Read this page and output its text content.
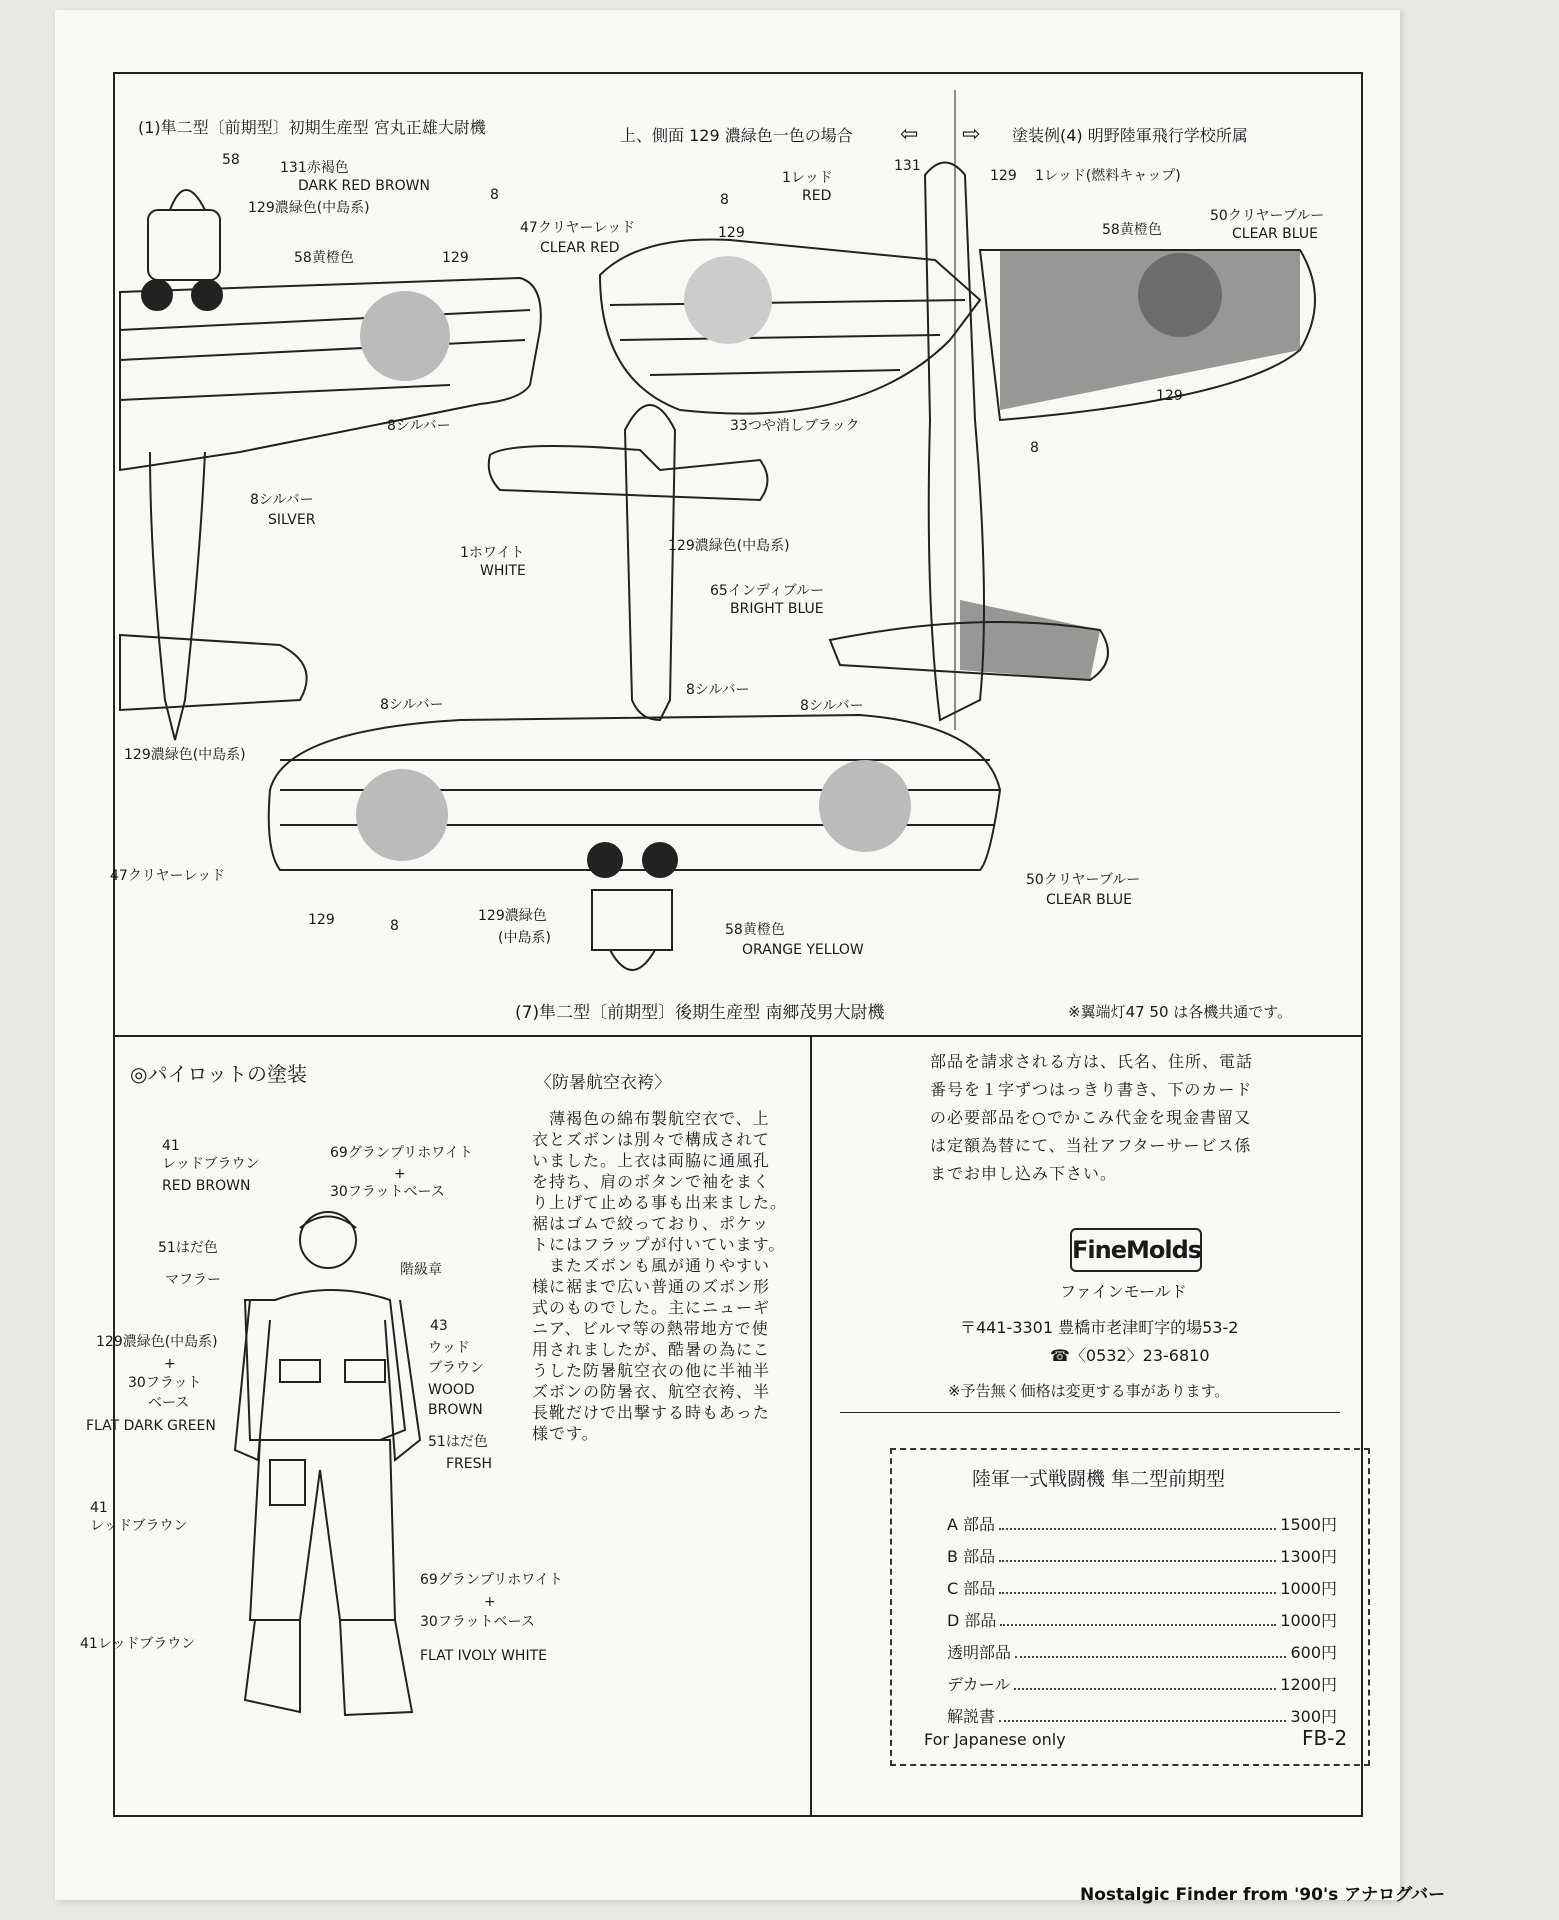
(1)隼二型〔前期型〕初期生産型 宮丸正雄大尉機	上、側面 129 濃緑色一色の場合 ⇦ ⇨ 塗装例(4) 明野陸軍飛行学校所属
58	131赤褐色
DARK RED BROWN
129濃緑色(中島系)
58黄橙色
8
129
47クリヤーレッド
CLEAR RED
8
129
1レッド
RED
131
129 1レッド(燃料キャップ)
58黄橙色
50クリヤーブルー
CLEAR BLUE
8シルバー
8シルバー
SILVER
33つや消しブラック
129
8
1ホワイト
WHITE
129濃緑色(中島系)
65インディブルー
BRIGHT BLUE
8シルバー
8シルバー
8シルバー
129濃緑色(中島系)
47クリヤーレッド
129	8
129濃緑色
(中島系)	58黄橙色
ORANGE YELLOW
50クリヤーブルー
CLEAR BLUE
(7)隼二型〔前期型〕後期生産型 南郷茂男大尉機	※翼端灯47 50 は各機共通です。
◎パイロットの塗装
41
レッドブラウン
RED BROWN
69グランプリホワイト
+
30フラットベース
51はだ色
マフラー
階級章
43
ウッド
ブラウン
WOOD
BROWN
129濃緑色(中島系)
+
30フラット
ベース
FLAT DARK GREEN
51はだ色
FRESH
41
レッドブラウン
69グランプリホワイト
+
30フラットベース
FLAT IVOLY WHITE
41レッドブラウン
〈防暑航空衣袴〉

　薄褐色の綿布製航空衣で、上

衣とズボンは別々で構成されて

いました。上衣は両脇に通風孔

を持ち、肩のボタンで袖をまく

り上げて止める事も出来ました。

裾はゴムで絞っており、ポケッ

トにはフラップが付いています。

　またズボンも風が通りやすい

様に裾まで広い普通のズボン形

式のものでした。主にニューギ

ニア、ビルマ等の熱帯地方で使

用されましたが、酷暑の為にこ

うした防暑航空衣の他に半袖半

ズボンの防暑衣、航空衣袴、半

長靴だけで出撃する時もあった

様です。

部品を請求される方は、氏名、住所、電話

番号を１字ずつはっきり書き、下のカード

の必要部品を○でかこみ代金を現金書留又

は定額為替にて、当社アフターサービス係

までお申し込み下さい。

FineMolds
ファインモールド
〒441-3301 豊橋市老津町字的場53-2
☎〈0532〉23-6810
※予告無く価格は変更する事があります。
陸軍一式戦闘機 隼二型前期型
A 部品	1500円
B 部品	1300円
C 部品	1000円
D 部品	1000円
透明部品	600円
デカール	1200円
解説書	300円
For Japanese only	FB-2
Nostalgic Finder from '90's アナログバー
